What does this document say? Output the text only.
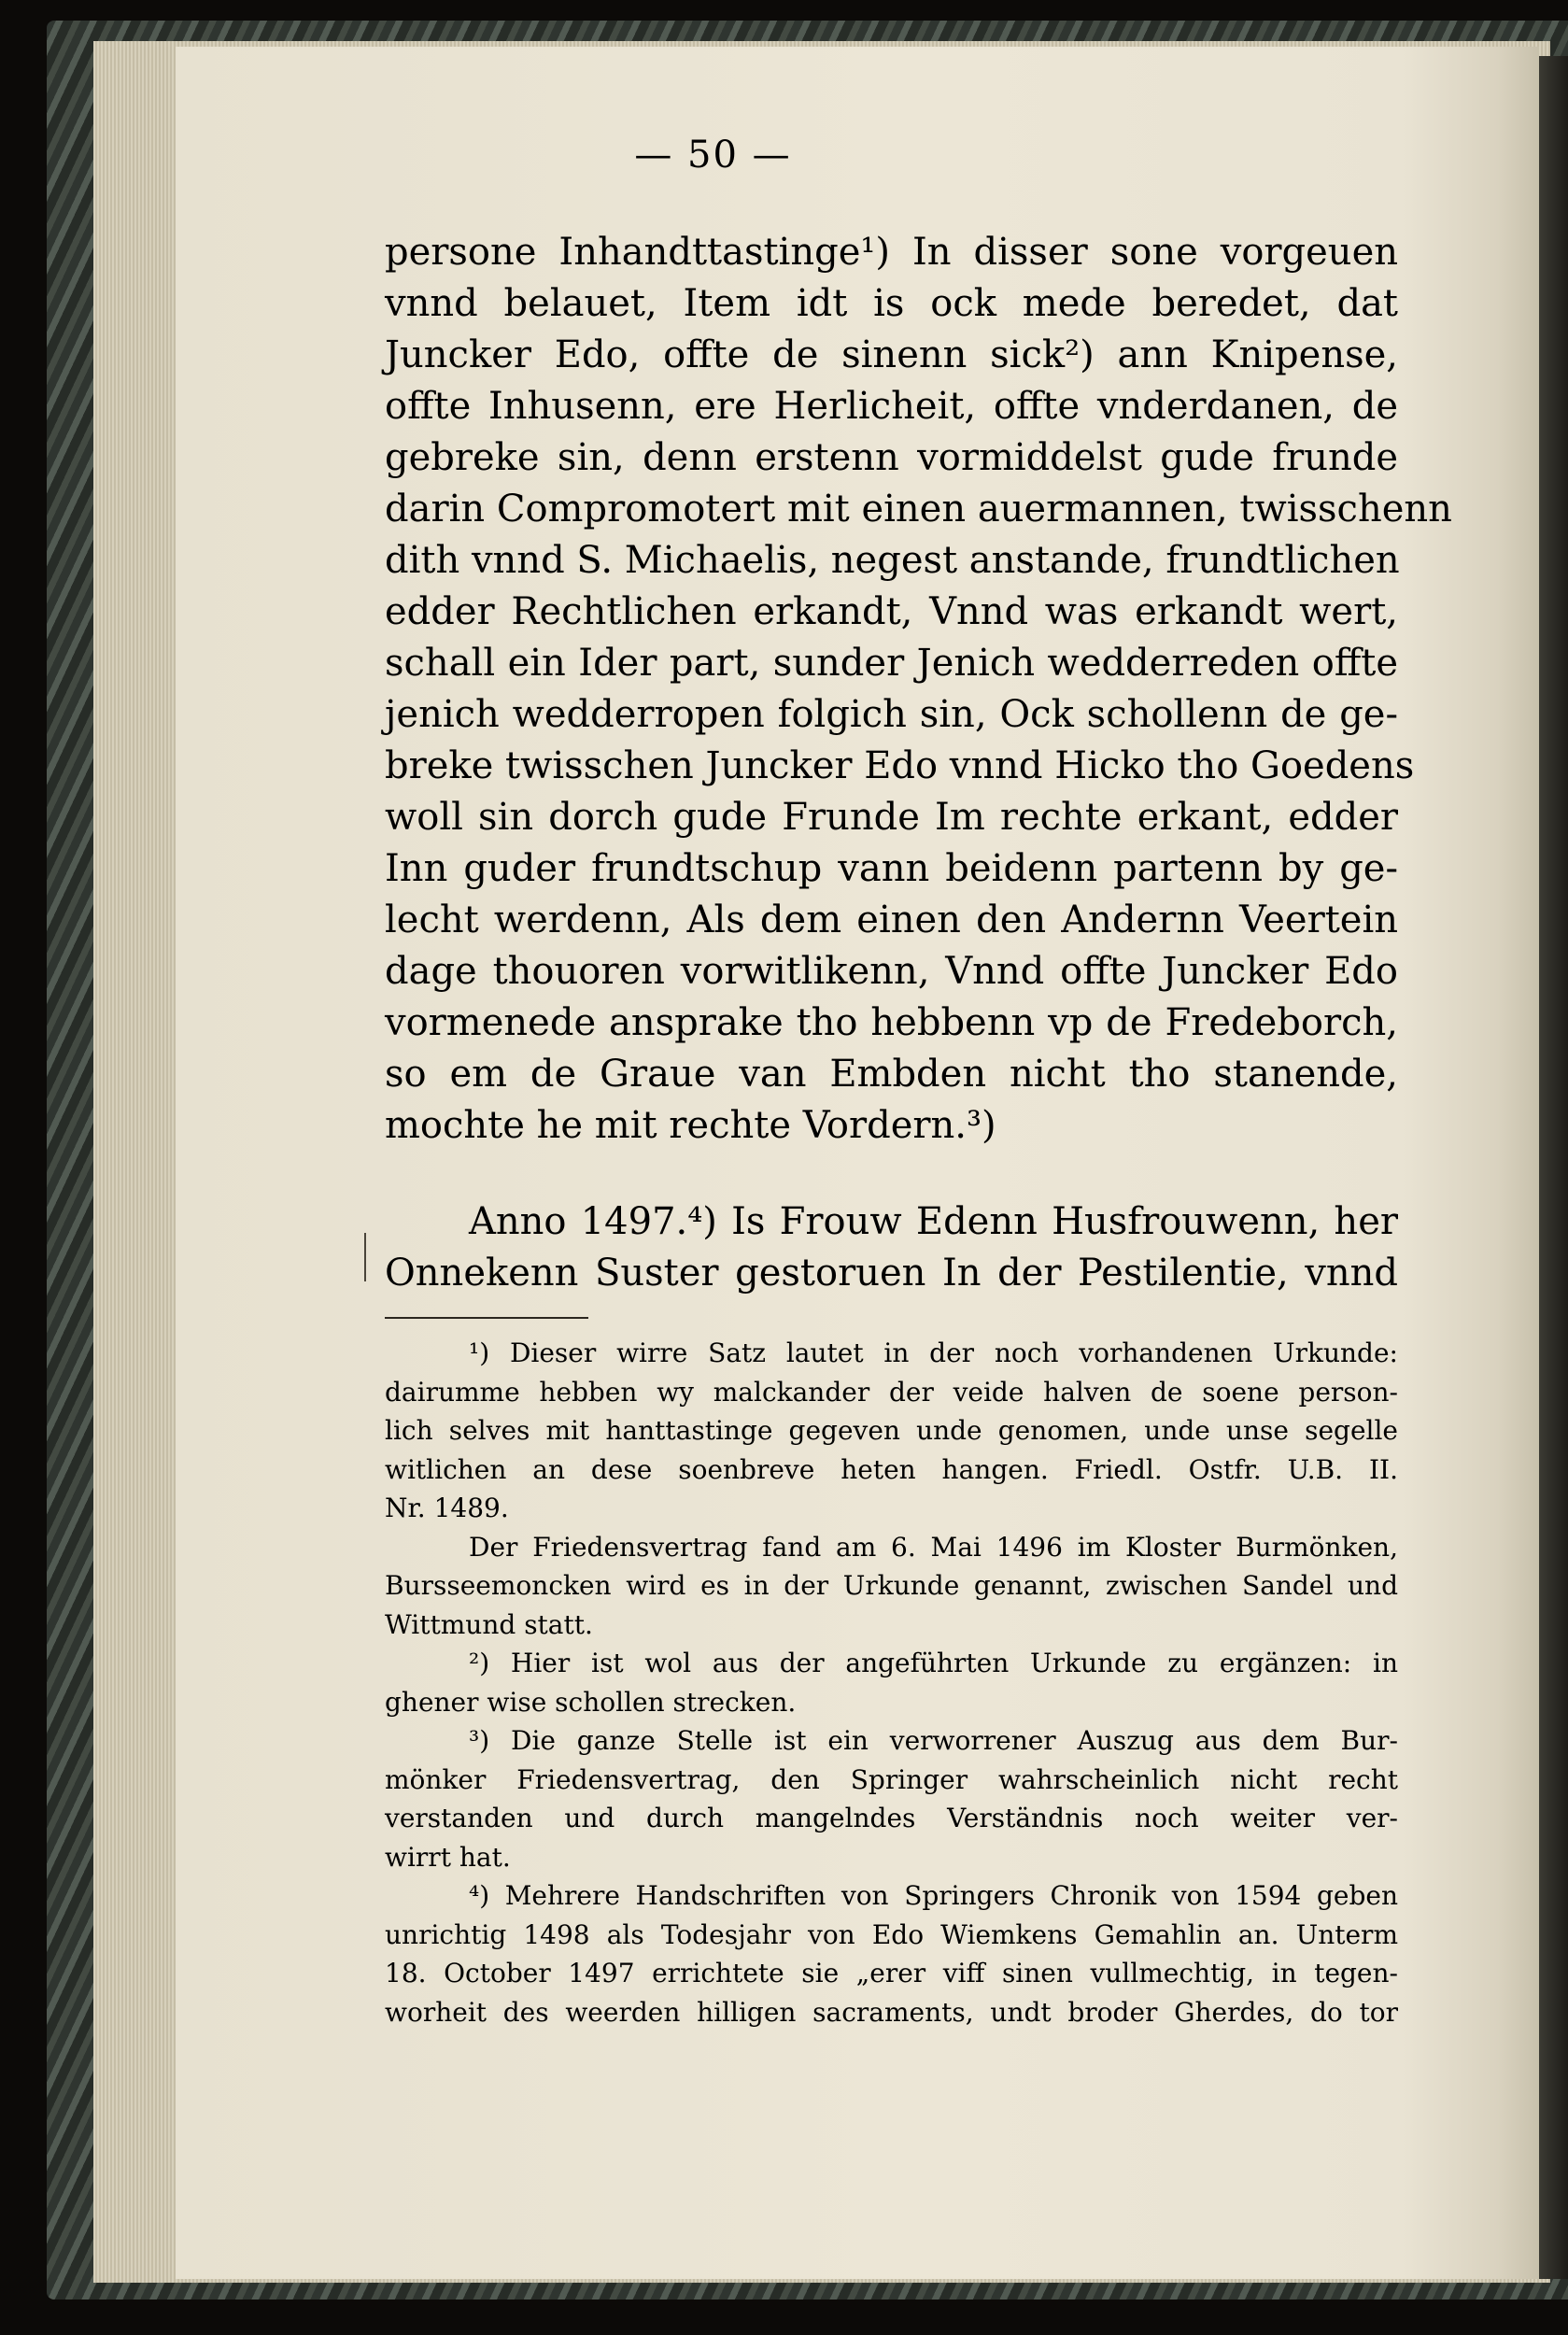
— 50 —
persone Inhandttastinge¹) In disser sone vorgeuen
vnnd belauet, Item idt is ock mede beredet, dat
Juncker Edo, offte de sinenn sick²) ann Knipense,
offte Inhusenn, ere Herlicheit, offte vnderdanen, de
gebreke sin, denn erstenn vormiddelst gude frunde
darin Compromotert mit einen auermannen, twisschenn
dith vnnd S. Michaelis, negest anstande, frundtlichen
edder Rechtlichen erkandt, Vnnd was erkandt wert,
schall ein Ider part, sunder Jenich wedderreden offte
jenich wedderropen folgich sin, Ock schollenn de ge-
breke twisschen Juncker Edo vnnd Hicko tho Goedens
woll sin dorch gude Frunde Im rechte erkant, edder
Inn guder frundtschup vann beidenn partenn by ge-
lecht werdenn, Als dem einen den Andernn Veertein
dage thouoren vorwitlikenn, Vnnd offte Juncker Edo
vormenede ansprake tho hebbenn vp de Fredeborch,
so em de Graue van Embden nicht tho stanende,
mochte he mit rechte Vordern.³)
Anno 1497.⁴) Is Frouw Edenn Husfrouwenn, her
Onnekenn Suster gestoruen In der Pestilentie, vnnd
¹) Dieser wirre Satz lautet in der noch vorhandenen Urkunde:
dairumme hebben wy malckander der veide halven de soene person-
lich selves mit hanttastinge gegeven unde genomen, unde unse segelle
witlichen an dese soenbreve heten hangen. Friedl. Ostfr. U.B. II.
Nr. 1489.
Der Friedensvertrag fand am 6. Mai 1496 im Kloster Burmönken,
Bursseemoncken wird es in der Urkunde genannt, zwischen Sandel und
Wittmund statt.
²) Hier ist wol aus der angeführten Urkunde zu ergänzen: in
ghener wise schollen strecken.
³) Die ganze Stelle ist ein verworrener Auszug aus dem Bur-
mönker Friedensvertrag, den Springer wahrscheinlich nicht recht
verstanden und durch mangelndes Verständnis noch weiter ver-
wirrt hat.
⁴) Mehrere Handschriften von Springers Chronik von 1594 geben
unrichtig 1498 als Todesjahr von Edo Wiemkens Gemahlin an. Unterm
18. October 1497 errichtete sie „erer viff sinen vullmechtig, in tegen-
worheit des weerden hilligen sacraments, undt broder Gherdes, do tor
